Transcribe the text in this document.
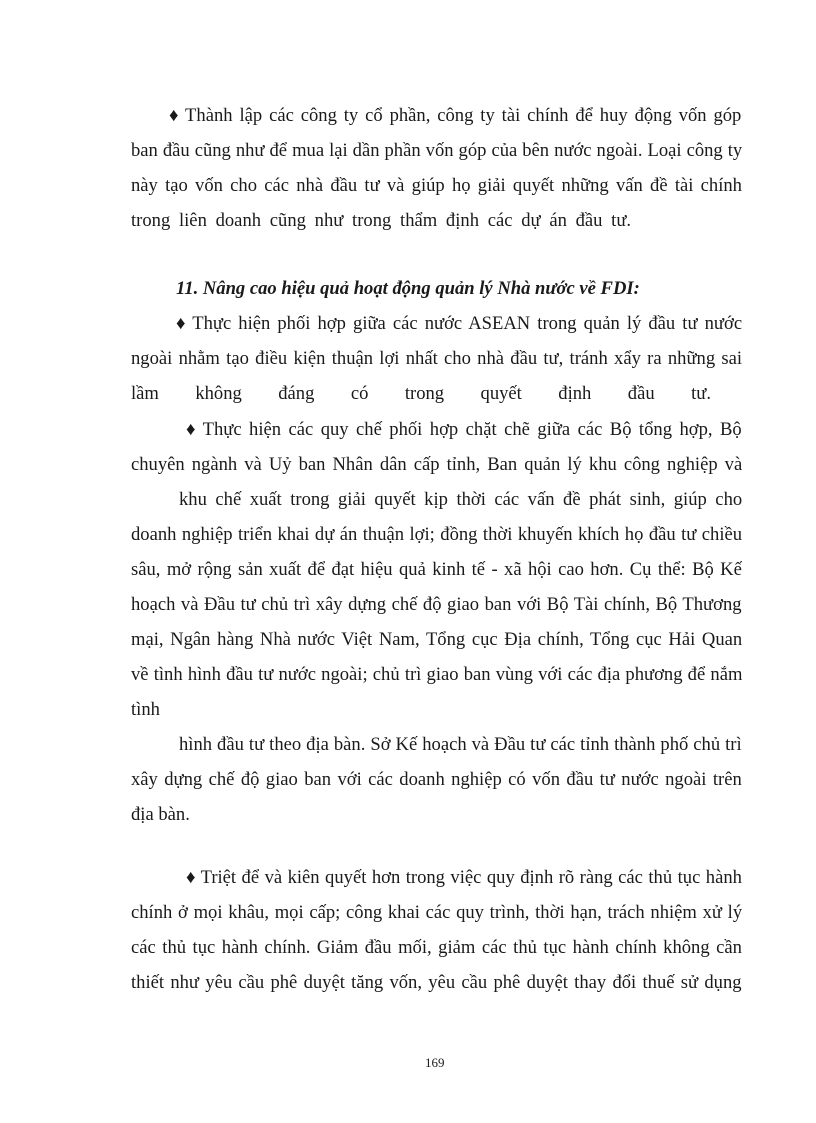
♦ Thành lập các công ty cổ phần, công ty tài chính để huy động vốn góp
ban đầu cũng như để mua lại dần phần vốn góp của bên nước ngoài. Loại công ty
này tạo vốn cho các nhà đầu tư và giúp họ giải quyết những vấn đề tài chính
trong liên doanh cũng như trong thẩm định các dự án đầu tư.
11. Nâng cao hiệu quả hoạt động quản lý Nhà nước về FDI:
♦ Thực hiện phối hợp giữa các nước ASEAN trong quản lý đầu tư nước
ngoài nhằm tạo điều kiện thuận lợi nhất cho nhà đầu tư, tránh xẩy ra những sai
lầm không đáng có trong quyết định đầu tư.
♦ Thực hiện các quy chế phối hợp chặt chẽ giữa các Bộ tổng hợp, Bộ
chuyên ngành và Uỷ ban Nhân dân cấp tỉnh, Ban quản lý khu công nghiệp và
khu chế xuất trong giải quyết kịp thời các vấn đề phát sinh, giúp cho
doanh nghiệp triển khai dự án thuận lợi; đồng thời khuyến khích họ đầu tư chiều
sâu, mở rộng sản xuất để đạt hiệu quả kinh tế - xã hội cao hơn. Cụ thể: Bộ Kế
hoạch và Đầu tư chủ trì xây dựng chế độ giao ban với Bộ Tài chính, Bộ Thương
mại, Ngân hàng Nhà nước Việt Nam, Tổng cục Địa chính, Tổng cục Hải Quan
về tình hình đầu tư nước ngoài; chủ trì giao ban vùng với các địa phương để nắm
tình
hình đầu tư theo địa bàn. Sở Kế hoạch và Đầu tư các tỉnh thành phố chủ trì
xây dựng chế độ giao ban với các doanh nghiệp có vốn đầu tư nước ngoài trên
địa bàn.
♦ Triệt để và kiên quyết hơn trong việc quy định rõ ràng các thủ tục hành
chính ở mọi khâu, mọi cấp; công khai các quy trình, thời hạn, trách nhiệm xử lý
các thủ tục hành chính. Giảm đầu mối, giảm các thủ tục hành chính không cần
thiết như yêu cầu phê duyệt tăng vốn, yêu cầu phê duyệt thay đổi thuế sử dụng
169
